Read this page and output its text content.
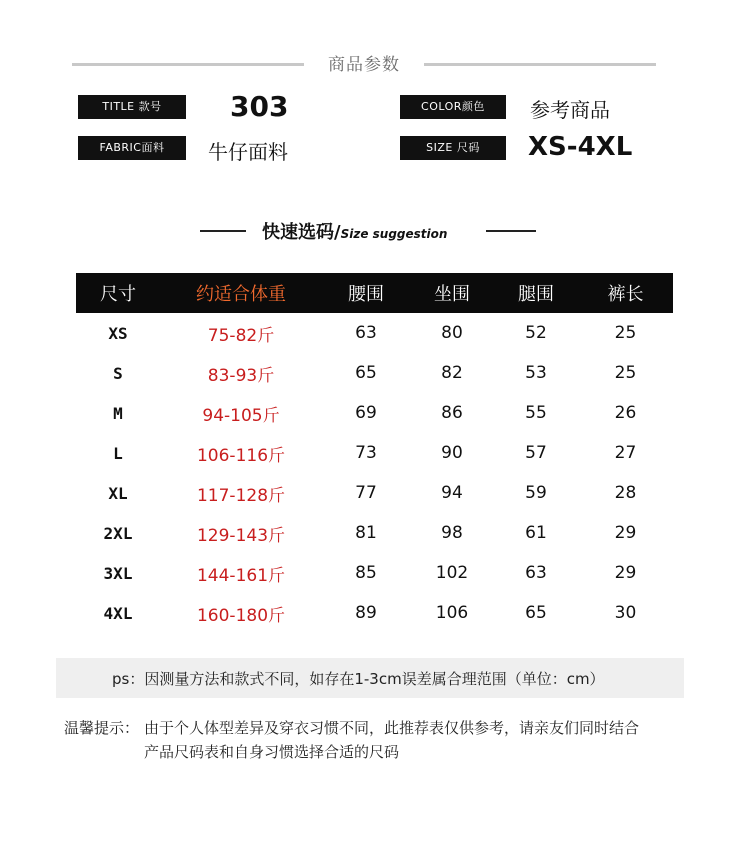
商品参数
TITLE 款号	303	COLOR颜色	参考商品
FABRIC面料	牛仔面料	SIZE 尺码	XS-4XL
快速选码/Size suggestion
尺寸	约适合体重	腰围	坐围	腿围	裤长
XS	75-82斤	63	80	52	25
S	83-93斤	65	82	53	25
M	94-105斤	69	86	55	26
L	106-116斤	73	90	57	27
XL	117-128斤	77	94	59	28
2XL	129-143斤	81	98	61	29
3XL	144-161斤	85	102	63	29
4XL	160-180斤	89	106	65	30
ps：因测量方法和款式不同，如存在1-3cm误差属合理范围（单位：cm）
温馨提示： 由于个人体型差异及穿衣习惯不同，此推荐表仅供参考，请亲友们同时结合
产品尺码表和自身习惯选择合适的尺码
